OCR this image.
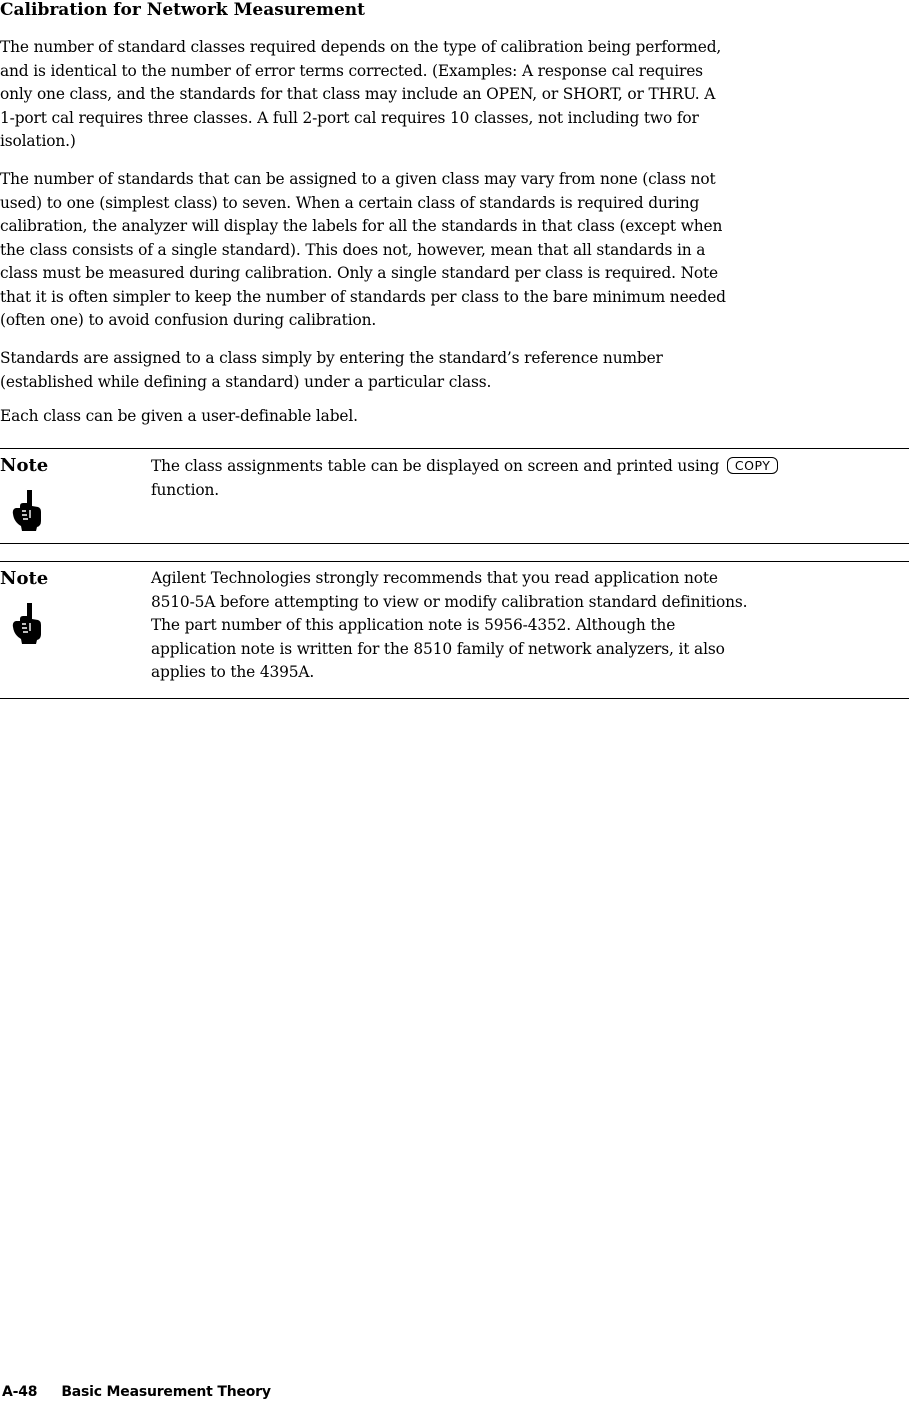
Calibration for Network Measurement
The number of standard classes required depends on the type of calibration being performed,
and is identical to the number of error terms corrected. (Examples: A response cal requires
only one class, and the standards for that class may include an OPEN, or SHORT, or THRU. A
1-port cal requires three classes. A full 2-port cal requires 10 classes, not including two for
isolation.)
The number of standards that can be assigned to a given class may vary from none (class not
used) to one (simplest class) to seven. When a certain class of standards is required during
calibration, the analyzer will display the labels for all the standards in that class (except when
the class consists of a single standard). This does not, however, mean that all standards in a
class must be measured during calibration. Only a single standard per class is required. Note
that it is often simpler to keep the number of standards per class to the bare minimum needed
(often one) to avoid confusion during calibration.
Standards are assigned to a class simply by entering the standard’s reference number
(established while defining a standard) under a particular class.
Each class can be given a user-definable label.
Note	The class assignments table can be displayed on screen and printed using COPY
function.
Note	Agilent Technologies strongly recommends that you read application note
8510-5A before attempting to view or modify calibration standard definitions.
The part number of this application note is 5956-4352. Although the
application note is written for the 8510 family of network analyzers, it also
applies to the 4395A.
A-48 Basic Measurement Theory
